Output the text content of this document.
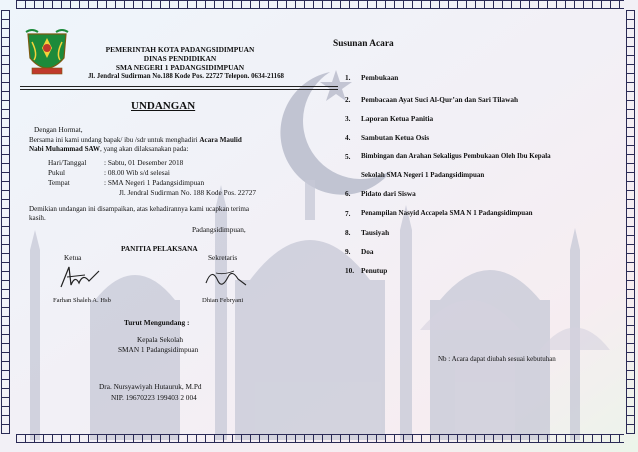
PEMERINTAH KOTA PADANGSIDIMPUAN
DINAS PENDIDIKAN
SMA NEGERI 1 PADANGSIDIMPUAN
Jl. Jendral Sudirman No.188 Kode Pos. 22727 Telepon. 0634-21168
UNDANGAN
Dengan Hormat,
Bersama ini kami undang bapak/ ibu /sdr untuk menghadiri Acara Maulid
Nabi Muhammad SAW, yang akan dilaksanakan pada:
Hari/Tanggal : Sabtu, 01 Desember 2018
Pukul	: 08.00 Wib s/d selesai
Tempat	: SMA Negeri 1 Padangsidimpuan
Jl. Jendral Sudirman No. 188 Kode Pos. 22727
Demikian undangan ini disampaikan, atas kehadirannya kami ucapkan terima
kasih.
Padangsidimpuan,
PANITIA PELAKSANA
Ketua	Sekretaris
Farhan Shaleh A. Hsb	Dhian Febryani
Turut Mengundang :
Kepala Sekolah
SMAN 1 Padangsidimpuan
Dra. Nursyawiyah Hutauruk, M.Pd
NIP. 19670223 199403 2 004
Susunan Acara
1. Pembukaan
2. Pembacaan Ayat Suci Al-Qur’an dan Sari Tilawah
3. Laporan Ketua Panitia
4. Sambutan Ketua Osis
5. Bimbingan dan Arahan Sekaligus Pembukaan Oleh Ibu Kepala
Sekolah SMA Negeri 1 Padangsidimpuan
6. Pidato dari Siswa
7. Penampilan Nasyid Accapela SMA N 1 Padangsidimpuan
8. Tausiyah
9. Doa
10. Penutup
Nb : Acara dapat diubah sesuai kebutuhan
